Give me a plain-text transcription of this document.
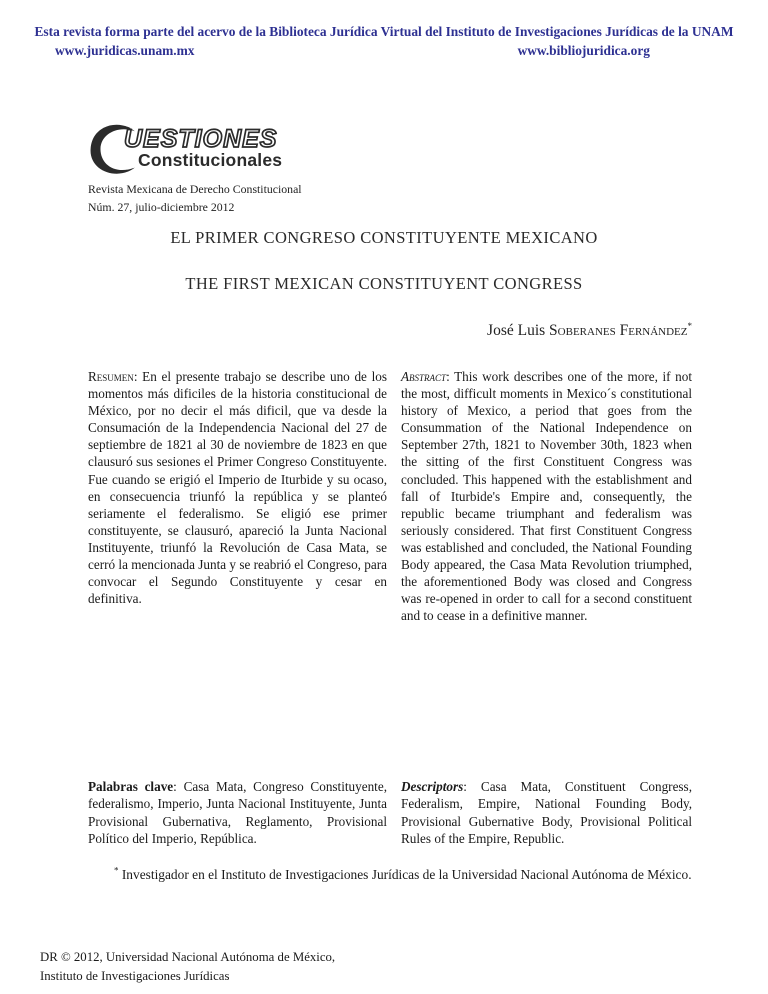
Esta revista forma parte del acervo de la Biblioteca Jurídica Virtual del Instituto de Investigaciones Jurídicas de la UNAM
www.juridicas.unam.mx	www.bibliojuridica.org
UESTIONES
Constitucionales
Revista Mexicana de Derecho Constitucional
Núm. 27, julio-diciembre 2012
EL PRIMER CONGRESO CONSTITUYENTE MEXICANO
THE FIRST MEXICAN CONSTITUYENT CONGRESS
José Luis Soberanes Fernández*

Resumen: En el presente trabajo se describe uno de los momentos más dificiles de la historia constitucional de México, por no decir el más dificil, que va desde la Consumación de la Independencia Nacional del 27 de septiembre de 1821 al 30 de noviembre de 1823 en que clausuró sus sesiones el Primer Congreso Constituyente. Fue cuando se erigió el Imperio de Iturbide y su ocaso, en consecuencia triunfó la república y se planteó seriamente el federalismo. Se eligió ese primer constituyente, se clausuró, apareció la Junta Nacional Instituyente, triunfó la Revolución de Casa Mata, se cerró la mencionada Junta y se reabrió el Congreso, para convocar el Segundo Constituyente y cesar en definitiva.

Abstract: This work describes one of the more, if not the most, difficult moments in Mexico´s constitutional history of Mexico, a period that goes from the Consummation of the National Independence on September 27th, 1821 to November 30th, 1823 when the sitting of the first Constituent Congress was concluded. This happened with the establishment and fall of Iturbide's Empire and, consequently, the republic became triumphant and federalism was seriously considered. That first Constituent Congress was established and concluded, the National Founding Body appeared, the Casa Mata Revolution triumphed, the aforementioned Body was closed and Congress was re-opened in order to call for a second constituent and to cease in a definitive manner.

Palabras clave: Casa Mata, Congreso Constituyente, federalismo, Imperio, Junta Nacional Instituyente, Junta Provisional Gubernativa, Reglamento, Provisional Político del Imperio, República.

Descriptors: Casa Mata, Constituent Congress, Federalism, Empire, National Founding Body, Provisional Gubernative Body, Provisional Political Rules of the Empire, Republic.

* Investigador en el Instituto de Investigaciones Jurídicas de la Universidad Nacional Autónoma de México.
DR © 2012, Universidad Nacional Autónoma de México,
Instituto de Investigaciones Jurídicas
